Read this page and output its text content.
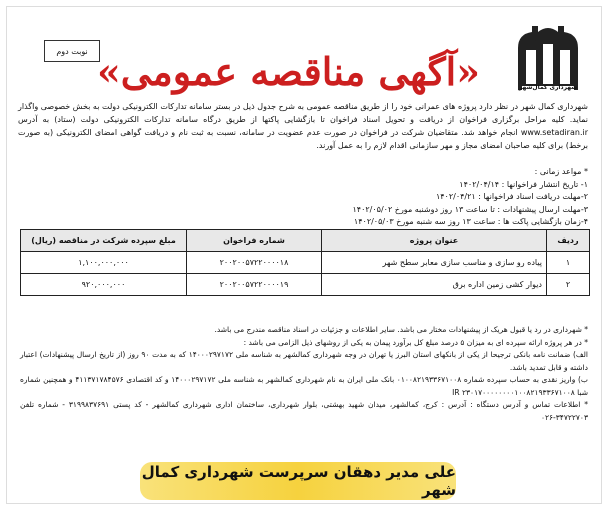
شهرداری کمال‌شهر
نوبت دوم «آگهی مناقصه عمومی»

شهرداری کمال شهر در نظر دارد پروژه های عمرانی خود را از طریق مناقصه عمومی به شرح جدول ذیل در بستر سامانه تدارکات الکترونیکی دولت به بخش خصوصی واگذار نماید. کلیه مراحل برگزاری فراخوان از دریافت و تحویل اسناد فراخوان تا بازگشایی پاکتها از طریق درگاه سامانه تدارکات الکترونیکی دولت (ستاد) به آدرس www.setadiran.ir انجام خواهد شد. متقاضیان شرکت در فراخوان در صورت عدم عضویت در سامانه، نسبت به ثبت نام و دریافت گواهی امضای الکترونیکی (به صورت برخط) برای کلیه صاحبان امضای مجاز و مهر سازمانی اقدام لازم را به عمل آورند.

* مواعد زمانی :
۱- تاریخ انتشار فراخوانها : ۱۴۰۲/۰۴/۱۴
۲-مهلت دریافت اسناد فراخوانها : ۱۴۰۲/۰۴/۲۱
۳-مهلت ارسال پیشنهادات : تا ساعت ۱۳ روز دوشنبه مورخ ۱۴۰۲/۰۵/۰۲
۴-زمان بازگشایی پاکت ها : ساعت ۱۳ روز سه شنبه مورخ ۱۴۰۲/۰۵/۰۳
ردیف	عنوان پروژه	شماره فراخوان	مبلغ سپرده شرکت در مناقصه (ریال)
۱	پیاده رو سازی و مناسب سازی معابر سطح شهر	۲۰۰۲۰۰۵۷۲۲۰۰۰۰۱۸	۱,۱۰۰,۰۰۰,۰۰۰
۲	دیوار کشی زمین اداره برق	۲۰۰۲۰۰۵۷۲۲۰۰۰۰۱۹	۹۲۰,۰۰۰,۰۰۰

* شهرداری در رد یا قبول هریک از پیشنهادات مختار می باشد. سایر اطلاعات و جزئیات در اسناد مناقصه مندرج می باشد.

* در هر پروژه ارائه سپرده ای به میزان ۵ درصد مبلغ کل برآورد پیمان به یکی از روشهای ذیل الزامی می باشد :

الف) ضمانت نامه بانکی ترجیحا از یکی از بانکهای استان البرز یا تهران در وجه شهرداری کمالشهر به شناسه ملی ۱۴۰۰۰۲۹۷۱۷۲ که به مدت ۹۰ روز (از تاریخ ارسال پیشنهادات) اعتبار داشته و قابل تمدید باشد.

ب) واریز نقدی به حساب سپرده شماره ۰۱۰۰۸۲۱۹۳۳۶۷۱۰۰۸ بانک ملی ایران به نام شهرداری کمالشهر به شناسه ملی ۱۴۰۰۰۲۹۷۱۷۲ و کد اقتصادی ۴۱۱۳۷۱۷۸۴۵۷۶ و همچنین شماره شبا IR ۲۳۰۱۷۰۰۰۰۰۰۰۰۱۰۰۸۲۱۹۳۳۶۷۱۰۰۸

* اطلاعات تماس و آدرس دستگاه : آدرس : کرج، کمالشهر، میدان شهید بهشتی، بلوار شهرداری، ساختمان اداری شهرداری کمالشهر - کد پستی ۳۱۹۹۸۳۷۶۹۱ - شماره تلفن ۳۴۷۲۲۷۰۳-۰۲۶

علی مدیر دهقان سرپرست شهرداری کمال شهر
